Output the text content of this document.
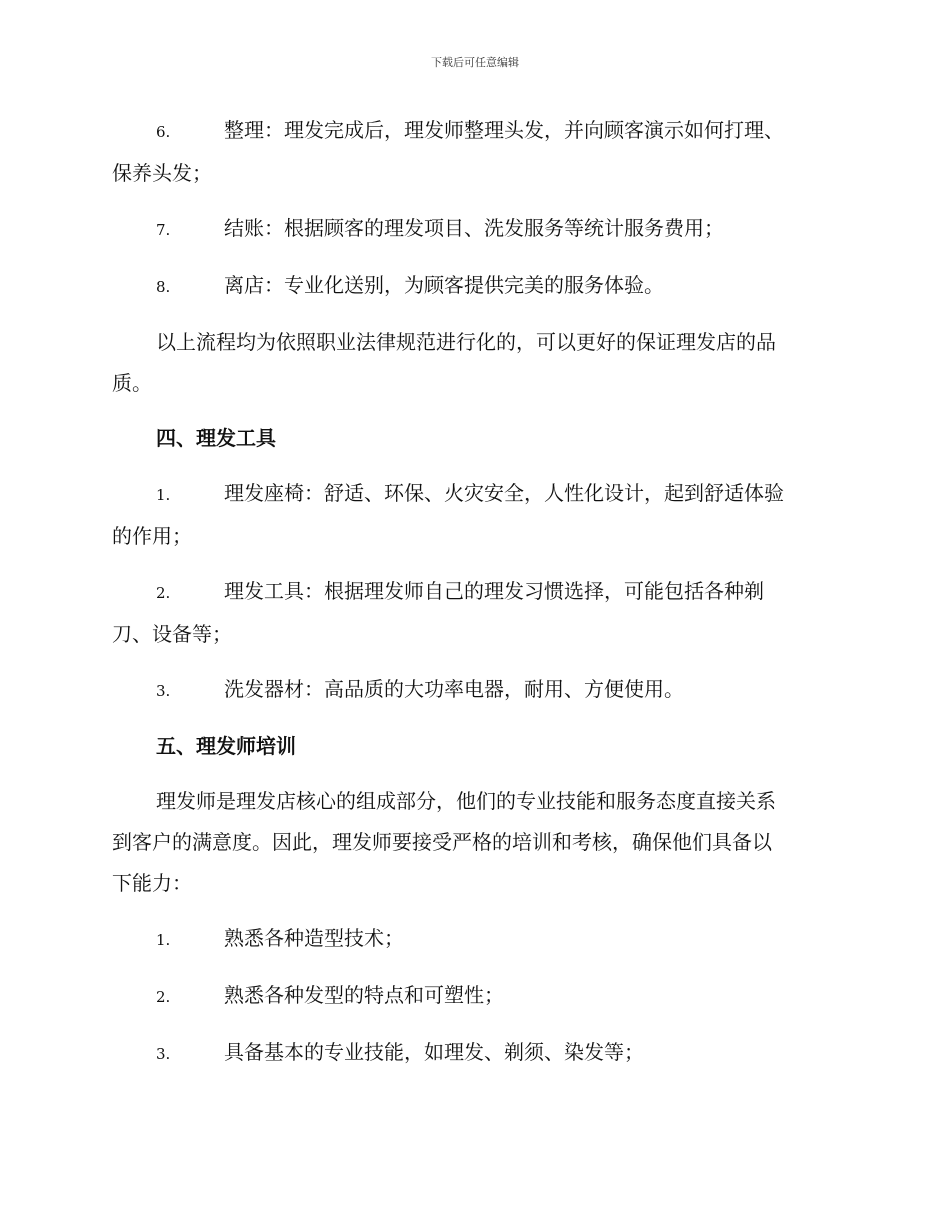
下载后可任意编辑
6.	整理：理发完成后，理发师整理头发，并向顾客演示如何打理、
保养头发；
7.	结账：根据顾客的理发项目、洗发服务等统计服务费用；
8.	离店：专业化送别，为顾客提供完美的服务体验。
以上流程均为依照职业法律规范进行化的，可以更好的保证理发店的品
质。
四、理发工具
1.	理发座椅：舒适、环保、火灾安全，人性化设计，起到舒适体验
的作用；
2.	理发工具：根据理发师自己的理发习惯选择，可能包括各种剃
刀、设备等；
3.	洗发器材：高品质的大功率电器，耐用、方便使用。
五、理发师培训
理发师是理发店核心的组成部分，他们的专业技能和服务态度直接关系
到客户的满意度。因此，理发师要接受严格的培训和考核，确保他们具备以
下能力：
1.	熟悉各种造型技术；
2.	熟悉各种发型的特点和可塑性；
3.	具备基本的专业技能，如理发、剃须、染发等；
